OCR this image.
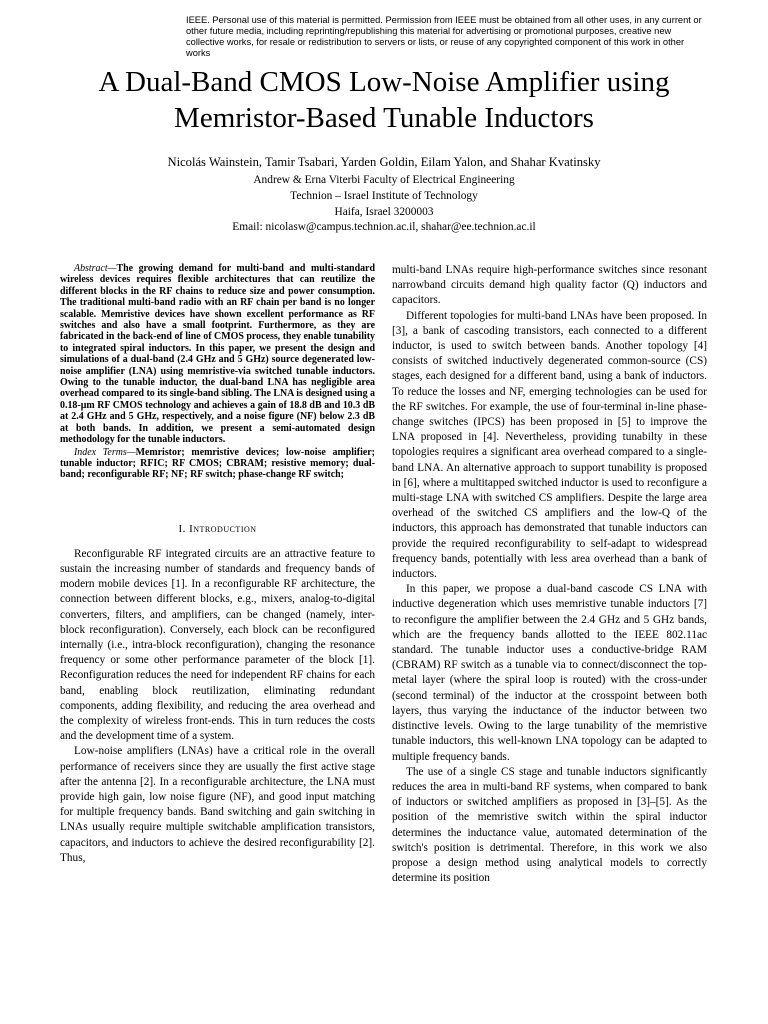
IEEE. Personal use of this material is permitted. Permission from IEEE must be obtained from all other uses, in any current or other future media, including reprinting/republishing this material for advertising or promotional purposes, creative new collective works, for resale or redistribution to servers or lists, or reuse of any copyrighted component of this work in other works
A Dual-Band CMOS Low-Noise Amplifier using
Memristor-Based Tunable Inductors
Nicolás Wainstein, Tamir Tsabari, Yarden Goldin, Eilam Yalon, and Shahar Kvatinsky
Andrew & Erna Viterbi Faculty of Electrical Engineering
Technion – Israel Institute of Technology
Haifa, Israel 3200003
Email: nicolasw@campus.technion.ac.il, shahar@ee.technion.ac.il

Abstract—The growing demand for multi-band and multi-standard wireless devices requires flexible architectures that can reutilize the different blocks in the RF chains to reduce size and power consumption. The traditional multi-band radio with an RF chain per band is no longer scalable. Memristive devices have shown excellent performance as RF switches and also have a small footprint. Furthermore, as they are fabricated in the back-end of line of CMOS process, they enable tunability to integrated spiral inductors. In this paper, we present the design and simulations of a dual-band (2.4 GHz and 5 GHz) source degenerated low-noise amplifier (LNA) using memristive-via switched tunable inductors. Owing to the tunable inductor, the dual-band LNA has negligible area overhead compared to its single-band sibling. The LNA is designed using a 0.18-μm RF CMOS technology and achieves a gain of 18.8 dB and 10.3 dB at 2.4 GHz and 5 GHz, respectively, and a noise figure (NF) below 2.3 dB at both bands. In addition, we present a semi-automated design methodology for the tunable inductors.

Index Terms—Memristor; memristive devices; low-noise amplifier; tunable inductor; RFIC; RF CMOS; CBRAM; resistive memory; dual-band; reconfigurable RF; NF; RF switch; phase-change RF switch;

I. Introduction

Reconfigurable RF integrated circuits are an attractive feature to sustain the increasing number of standards and frequency bands of modern mobile devices [1]. In a reconfigurable RF architecture, the connection between different blocks, e.g., mixers, analog-to-digital converters, filters, and amplifiers, can be changed (namely, inter-block reconfiguration). Conversely, each block can be reconfigured internally (i.e., intra-block reconfiguration), changing the resonance frequency or some other performance parameter of the block [1]. Reconfiguration reduces the need for independent RF chains for each band, enabling block reutilization, eliminating redundant components, adding flexibility, and reducing the area overhead and the complexity of wireless front-ends. This in turn reduces the costs and the development time of a system.

Low-noise amplifiers (LNAs) have a critical role in the overall performance of receivers since they are usually the first active stage after the antenna [2]. In a reconfigurable architecture, the LNA must provide high gain, low noise figure (NF), and good input matching for multiple frequency bands. Band switching and gain switching in LNAs usually require multiple switchable amplification transistors, capacitors, and inductors to achieve the desired reconfigurability [2]. Thus,

multi-band LNAs require high-performance switches since resonant narrowband circuits demand high quality factor (Q) inductors and capacitors.

Different topologies for multi-band LNAs have been proposed. In [3], a bank of cascoding transistors, each connected to a different inductor, is used to switch between bands. Another topology [4] consists of switched inductively degenerated common-source (CS) stages, each designed for a different band, using a bank of inductors. To reduce the losses and NF, emerging technologies can be used for the RF switches. For example, the use of four-terminal in-line phase-change switches (IPCS) has been proposed in [5] to improve the LNA proposed in [4]. Nevertheless, providing tunabilty in these topologies requires a significant area overhead compared to a single-band LNA. An alternative approach to support tunability is proposed in [6], where a multitapped switched inductor is used to reconfigure a multi-stage LNA with switched CS amplifiers. Despite the large area overhead of the switched CS amplifiers and the low-Q of the inductors, this approach has demonstrated that tunable inductors can provide the required reconfigurability to self-adapt to widespread frequency bands, potentially with less area overhead than a bank of inductors.

In this paper, we propose a dual-band cascode CS LNA with inductive degeneration which uses memristive tunable inductors [7] to reconfigure the amplifier between the 2.4 GHz and 5 GHz bands, which are the frequency bands allotted to the IEEE 802.11ac standard. The tunable inductor uses a conductive-bridge RAM (CBRAM) RF switch as a tunable via to connect/disconnect the top-metal layer (where the spiral loop is routed) with the cross-under (second terminal) of the inductor at the crosspoint between both layers, thus varying the inductance of the inductor between two distinctive levels. Owing to the large tunability of the memristive tunable inductors, this well-known LNA topology can be adapted to multiple frequency bands.

The use of a single CS stage and tunable inductors significantly reduces the area in multi-band RF systems, when compared to bank of inductors or switched amplifiers as proposed in [3]–[5]. As the position of the memristive switch within the spiral inductor determines the inductance value, automated determination of the switch's position is detrimental. Therefore, in this work we also propose a design method using analytical models to correctly determine its position
